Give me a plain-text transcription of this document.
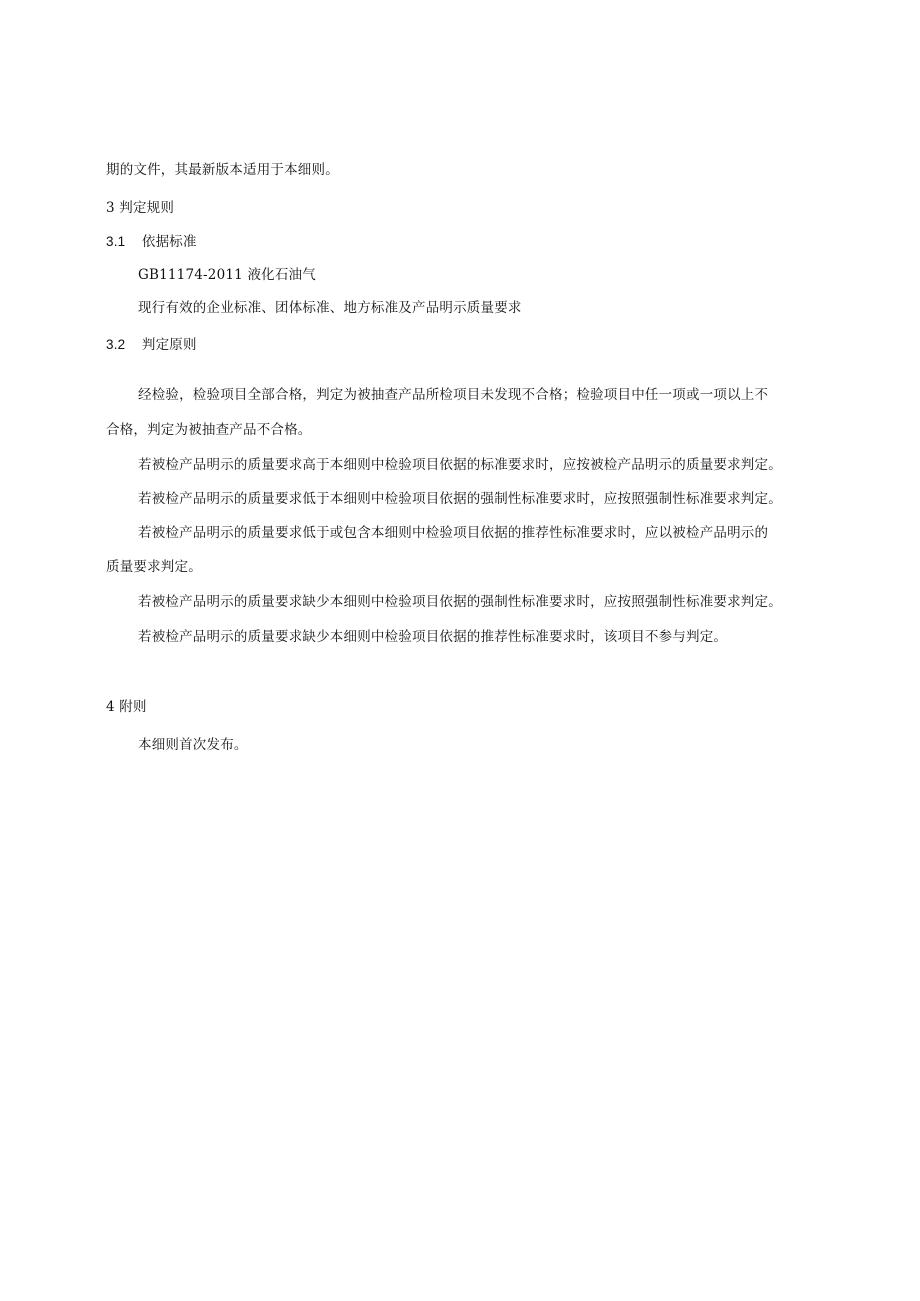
期的文件，其最新版本适用于本细则。
3 判定规则
3.1 依据标准
GB11174-2011 液化石油气
现行有效的企业标准、团体标准、地方标准及产品明示质量要求
3.2 判定原则
经检验，检验项目全部合格，判定为被抽查产品所检项目未发现不合格；检验项目中任一项或一项以上不
合格，判定为被抽查产品不合格。
若被检产品明示的质量要求高于本细则中检验项目依据的标准要求时，应按被检产品明示的质量要求判定。
若被检产品明示的质量要求低于本细则中检验项目依据的强制性标准要求时，应按照强制性标准要求判定。
若被检产品明示的质量要求低于或包含本细则中检验项目依据的推荐性标准要求时，应以被检产品明示的
质量要求判定。
若被检产品明示的质量要求缺少本细则中检验项目依据的强制性标准要求时，应按照强制性标准要求判定。
若被检产品明示的质量要求缺少本细则中检验项目依据的推荐性标准要求时，该项目不参与判定。
4 附则
本细则首次发布。
